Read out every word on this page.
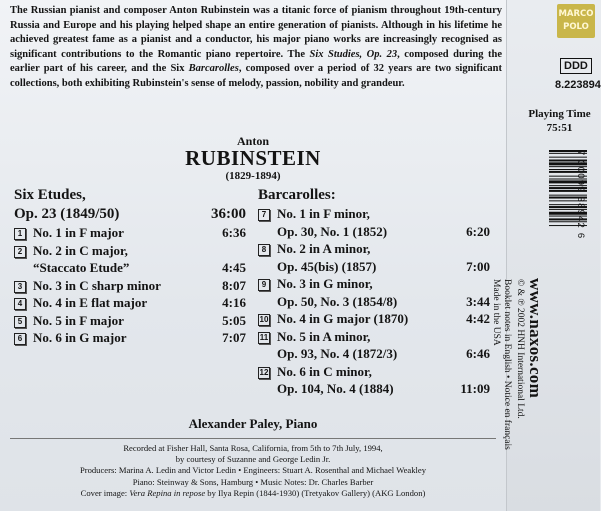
The Russian pianist and composer Anton Rubinstein was a titanic force of pianism throughout 19th-century Russia and Europe and his playing helped shape an entire generation of pianists. Although in his lifetime he achieved greatest fame as a pianist and a conductor, his major piano works are increasingly recognised as significant contributions to the Romantic piano repertoire. The Six Studies, Op. 23, composed during the earlier part of his career, and the Six Barcarolles, composed over a period of 32 years are two significant collections, both exhibiting Rubinstein's sense of melody, passion, nobility and grandeur.
Anton
RUBINSTEIN
(1829-1894)
Six Etudes,
Op. 23 (1849/50)	36:00
1 No. 1 in F major	6:36
2 No. 2 in C major,
“Staccato Etude”	4:45
3 No. 3 in C sharp minor	8:07
4 No. 4 in E flat major	4:16
5 No. 5 in F major	5:05
6 No. 6 in G major	7:07
Barcarolles:
7 No. 1 in F minor,
Op. 30, No. 1 (1852)	6:20
8 No. 2 in A minor,
Op. 45(bis) (1857)	7:00
9 No. 3 in G minor,
Op. 50, No. 3 (1854/8)	3:44
10 No. 4 in G major (1870)	4:42
11 No. 5 in A minor,
Op. 93, No. 4 (1872/3)	6:46
12 No. 6 in C minor,
Op. 104, No. 4 (1884)	11:09
Alexander Paley, Piano
Recorded at Fisher Hall, Santa Rosa, California, from 5th to 7th July, 1994,
by courtesy of Suzanne and George Ledin Jr.
Producers: Marina A. Ledin and Victor Ledin • Engineers: Stuart A. Rosenthal and Michael Weakley
Piano: Steinway & Sons, Hamburg • Music Notes: Dr. Charles Barber
Cover image: Vera Repina in repose by Ilya Repin (1844-1930) (Tretyakov Gallery) (AKG London)
MARCO
POLO
DDD
8.223894
Playing Time
75:51
7 30099 38942 6
www.naxos.com
© & ℗ 2002 HNH International Ltd.
Booklet notes in English • Notice en français
Made in the USA
